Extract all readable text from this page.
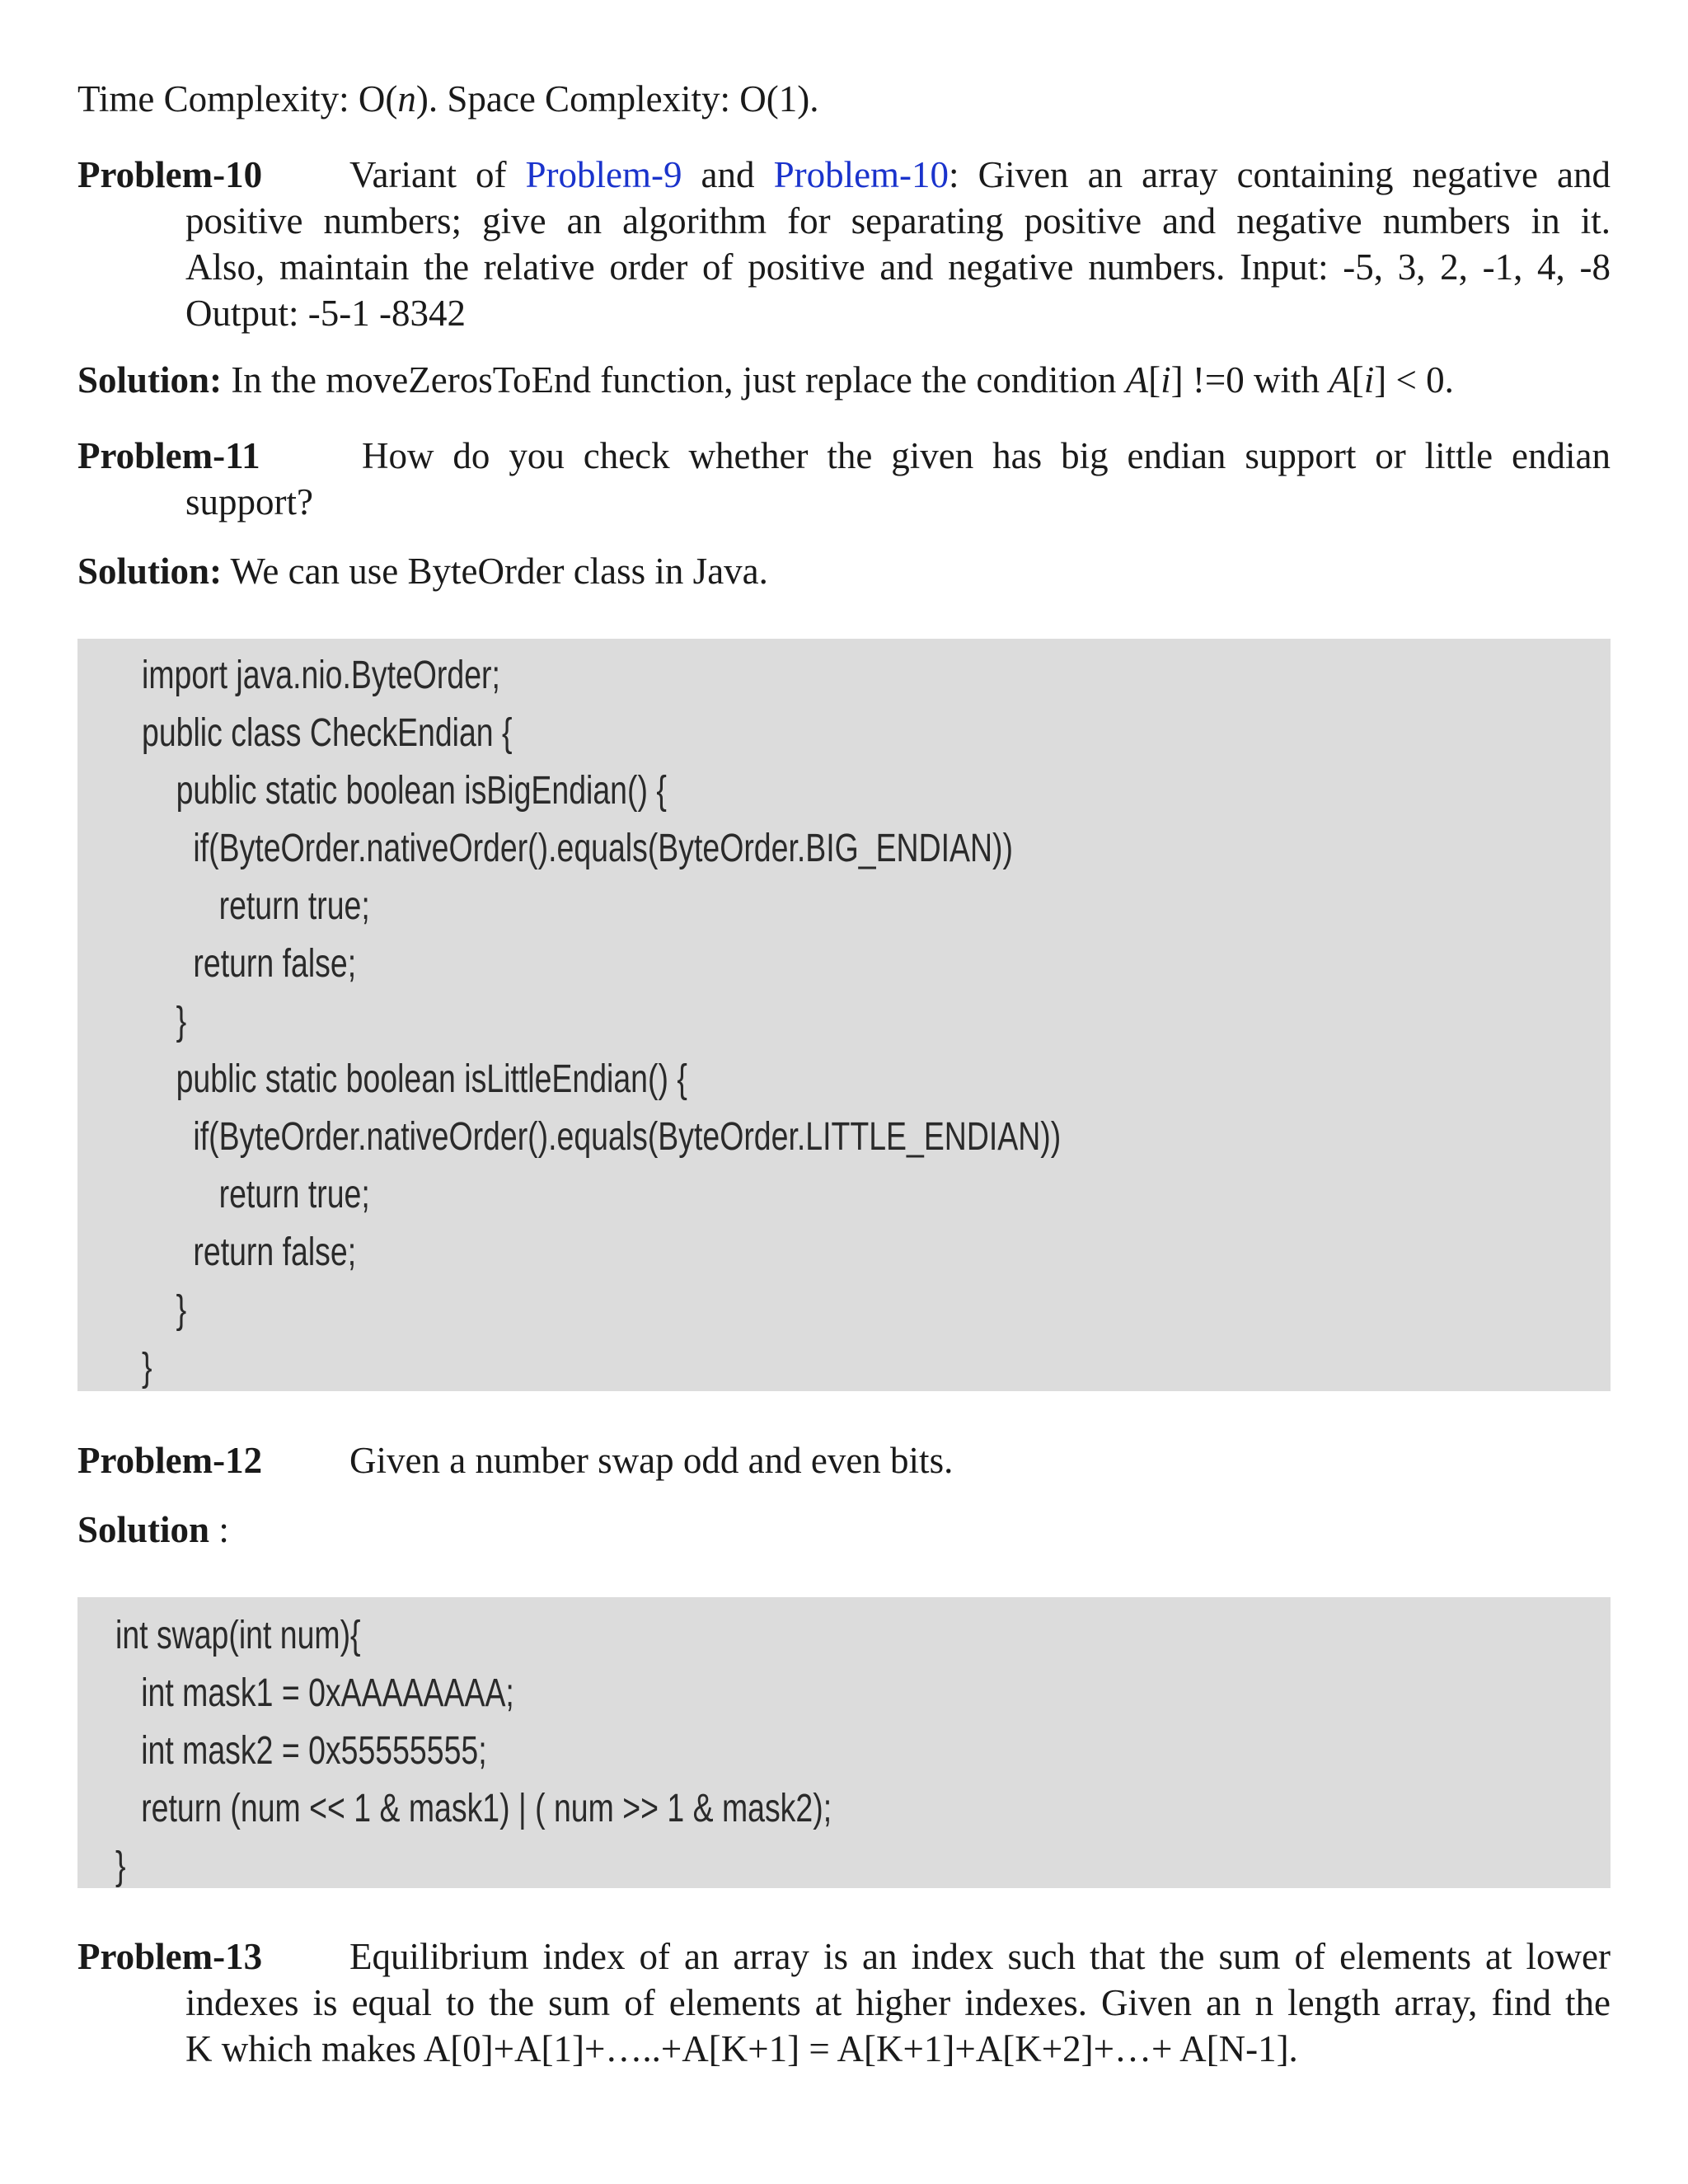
Time Complexity: O(n). Space Complexity: O(1).
Problem-10 Variant of Problem-9 and Problem-10: Given an array containing negative and
positive numbers; give an algorithm for separating positive and negative numbers in it.
Also, maintain the relative order of positive and negative numbers. Input: -5, 3, 2, -1, 4, -8
Output: -5-1 -8342
Solution: In the moveZerosToEnd function, just replace the condition A[i] !=0 with A[i] < 0.
Problem-11	How do you check whether the given has big endian support or little endian
support?
Solution: We can use ByteOrder class in Java.
import java.nio.ByteOrder;
public class CheckEndian {
public static boolean isBigEndian() {
if(ByteOrder.nativeOrder().equals(ByteOrder.BIG_ENDIAN))
return true;
return false;
}
public static boolean isLittleEndian() {
if(ByteOrder.nativeOrder().equals(ByteOrder.LITTLE_ENDIAN))
return true;
return false;
}
}
Problem-12 Given a number swap odd and even bits.
Solution :
int swap(int num){
int mask1 = 0xAAAAAAAA;
int mask2 = 0x55555555;
return (num << 1 & mask1) | ( num >> 1 & mask2);
}
Problem-13 Equilibrium index of an array is an index such that the sum of elements at lower
indexes is equal to the sum of elements at higher indexes. Given an n length array, find the
K which makes A[0]+A[1]+…..+A[K+1] = A[K+1]+A[K+2]+…+ A[N-1].
